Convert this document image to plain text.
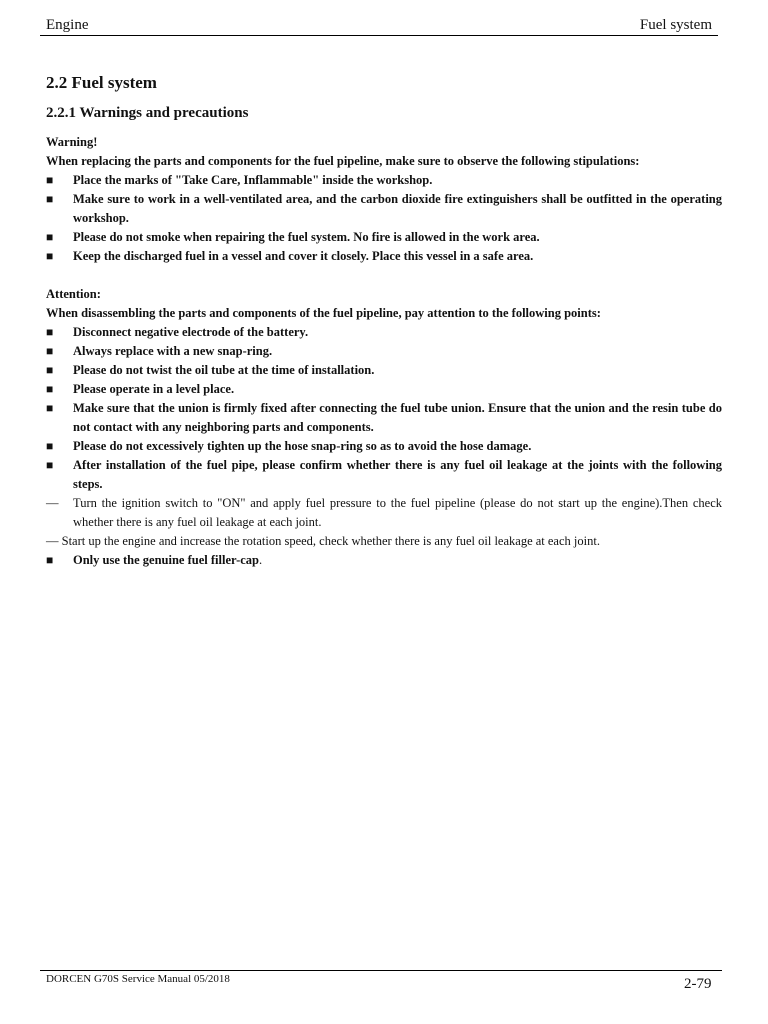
Engine	Fuel system
2.2 Fuel system
2.2.1 Warnings and precautions

Warning!

When replacing the parts and components for the fuel pipeline, make sure to observe the following stipulations:

■	Place the marks of "Take Care, Inflammable" inside the workshop.
■	Make sure to work in a well-ventilated area, and the carbon dioxide fire extinguishers shall be outfitted in the operating workshop.
■	Please do not smoke when repairing the fuel system. No fire is allowed in the work area.
■	Keep the discharged fuel in a vessel and cover it closely. Place this vessel in a safe area.

Attention:

When disassembling the parts and components of the fuel pipeline, pay attention to the following points:

■	Disconnect negative electrode of the battery.
■	Always replace with a new snap-ring.
■	Please do not twist the oil tube at the time of installation.
■	Please operate in a level place.
■	Make sure that the union is firmly fixed after connecting the fuel tube union. Ensure that the union and the resin tube do not contact with any neighboring parts and components.
■	Please do not excessively tighten up the hose snap-ring so as to avoid the hose damage.
■	After installation of the fuel pipe, please confirm whether there is any fuel oil leakage at the joints with the following steps.
— Turn the ignition switch to "ON" and apply fuel pressure to the fuel pipeline (please do not start up the engine).Then check whether there is any fuel oil leakage at each joint.

— Start up the engine and increase the rotation speed, check whether there is any fuel oil leakage at each joint.

■	Only use the genuine fuel filler-cap.
DORCEN G70S Service Manual 05/2018	2-79
